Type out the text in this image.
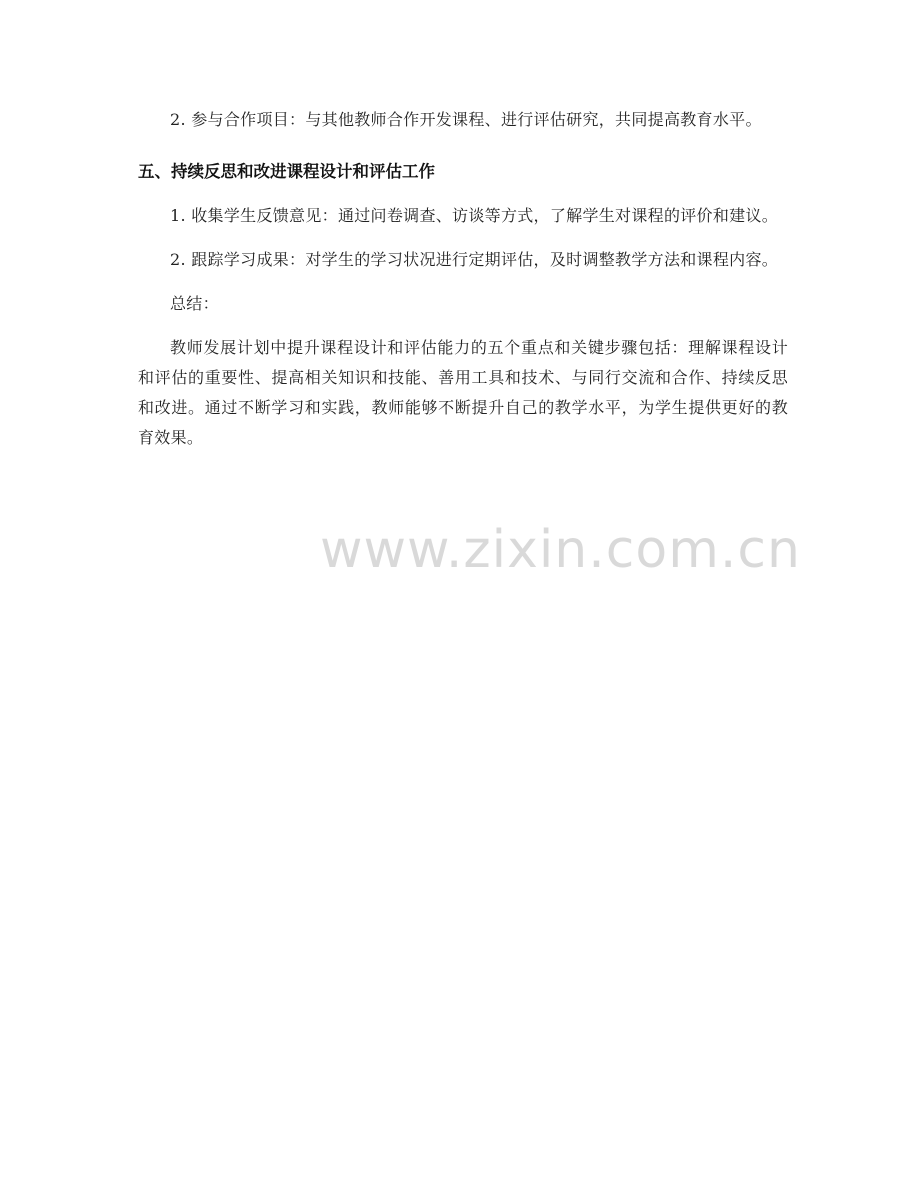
2. 参与合作项目：与其他教师合作开发课程、进行评估研究，共同提高教育水平。

五、持续反思和改进课程设计和评估工作

1. 收集学生反馈意见：通过问卷调查、访谈等方式，了解学生对课程的评价和建议。

2. 跟踪学习成果：对学生的学习状况进行定期评估，及时调整教学方法和课程内容。

总结：

教师发展计划中提升课程设计和评估能力的五个重点和关键步骤包括：理解课程设计和评估的重要性、提高相关知识和技能、善用工具和技术、与同行交流和合作、持续反思和改进。通过不断学习和实践，教师能够不断提升自己的教学水平，为学生提供更好的教育效果。

www.zixin.com.cn
